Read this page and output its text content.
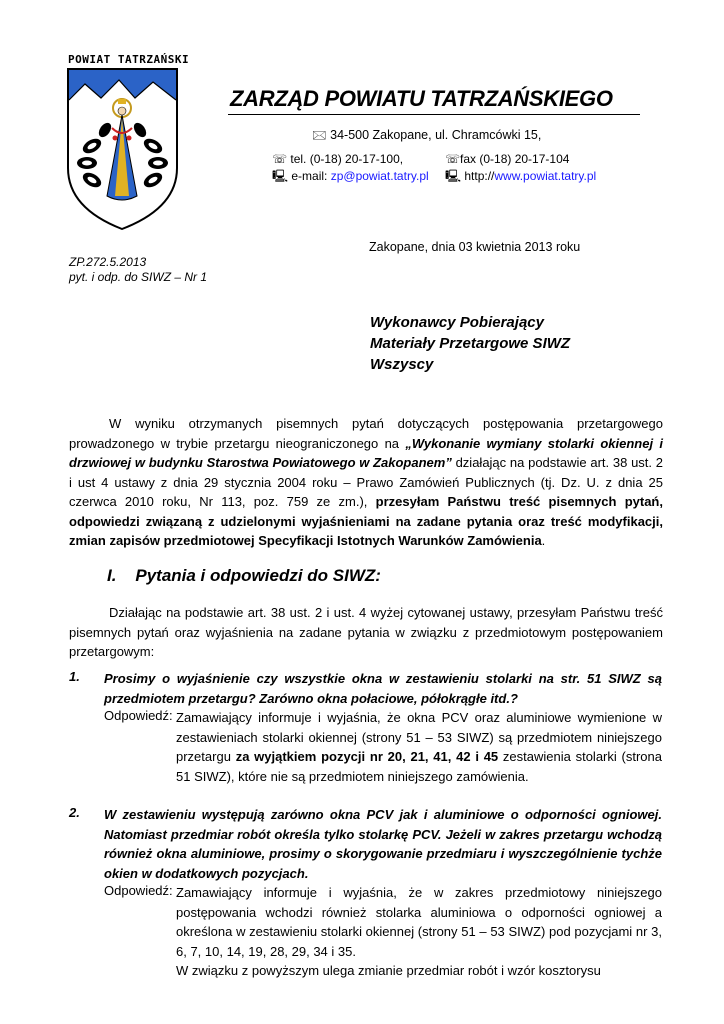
POWIAT TATRZAŃSKI
ZARZĄD POWIATU TATRZAŃSKIEGO
🖂 34-500 Zakopane, ul. Chramcówki 15,
☏ tel. (0-18) 20-17-100,	☏fax (0-18) 20-17-104
🖳 e-mail: zp@powiat.tatry.pl 🖳 http://www.powiat.tatry.pl
Zakopane, dnia 03 kwietnia 2013 roku
ZP.272.5.2013
pyt. i odp. do SIWZ – Nr 1
Wykonawcy Pobierający
Materiały Przetargowe SIWZ
Wszyscy
W wyniku otrzymanych pisemnych pytań dotyczących postępowania przetargowego prowadzonego w trybie przetargu nieograniczonego na „Wykonanie wymiany stolarki okiennej i drzwiowej w budynku Starostwa Powiatowego w Zakopanem” działając na podstawie art. 38 ust. 2 i ust 4 ustawy z dnia 29 stycznia 2004 roku – Prawo Zamówień Publicznych (tj. Dz. U. z dnia 25 czerwca 2010 roku, Nr 113, poz. 759 ze zm.), przesyłam Państwu treść pisemnych pytań, odpowiedzi związaną z udzielonymi wyjaśnieniami na zadane pytania oraz treść modyfikacji, zmian zapisów przedmiotowej Specyfikacji Istotnych Warunków Zamówienia.
I. Pytania i odpowiedzi do SIWZ:
Działając na podstawie art. 38 ust. 2 i ust. 4 wyżej cytowanej ustawy, przesyłam Państwu treść pisemnych pytań oraz wyjaśnienia na zadane pytania w związku z przedmiotowym postępowaniem przetargowym:
1. Prosimy o wyjaśnienie czy wszystkie okna w zestawieniu stolarki na str. 51 SIWZ są przedmiotem przetargu? Zarówno okna połaciowe, półokrągłe itd.?
Odpowiedź: Zamawiający informuje i wyjaśnia, że okna PCV oraz aluminiowe wymienione w zestawieniach stolarki okiennej (strony 51 – 53 SIWZ) są przedmiotem niniejszego przetargu za wyjątkiem pozycji nr 20, 21, 41, 42 i 45 zestawienia stolarki (strona 51 SIWZ), które nie są przedmiotem niniejszego zamówienia.
2. W zestawieniu występują zarówno okna PCV jak i aluminiowe o odporności ogniowej. Natomiast przedmiar robót określa tylko stolarkę PCV. Jeżeli w zakres przetargu wchodzą również okna aluminiowe, prosimy o skorygowanie przedmiaru i wyszczególnienie tychże okien w dodatkowych pozycjach.
Odpowiedź: Zamawiający informuje i wyjaśnia, że w zakres przedmiotowy niniejszego postępowania wchodzi również stolarka aluminiowa o odporności ogniowej a określona w zestawieniu stolarki okiennej (strony 51 – 53 SIWZ) pod pozycjami nr 3, 6, 7, 10, 14, 19, 28, 29, 34 i 35.
W związku z powyższym ulega zmianie przedmiar robót i wzór kosztorysu
